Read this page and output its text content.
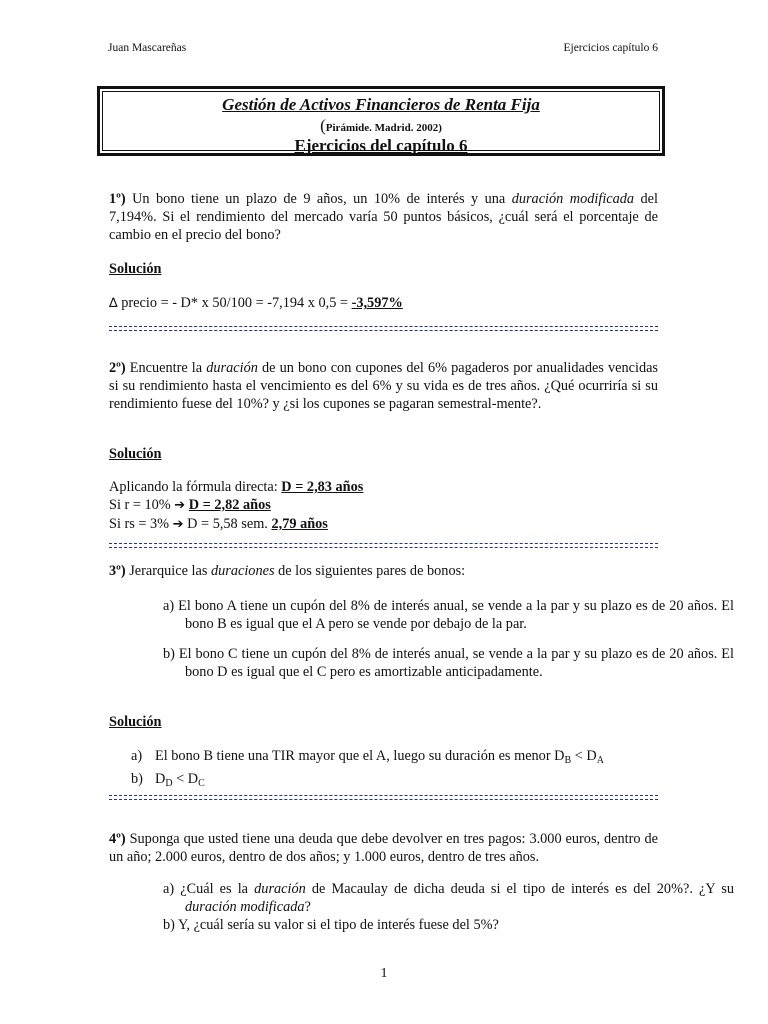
Juan Mascareñas	Ejercicios capítulo 6
Gestión de Activos Financieros de Renta Fija
(Pirámide. Madrid. 2002)
Ejercicios del capítulo 6
1º) Un bono tiene un plazo de 9 años, un 10% de interés y una duración modificada del 7,194%. Si el rendimiento del mercado varía 50 puntos básicos, ¿cuál será el porcentaje de cambio en el precio del bono?
Solución
∆ precio = - D* x 50/100 = -7,194 x 0,5 = -3,597%
2º) Encuentre la duración de un bono con cupones del 6% pagaderos por anualidades vencidas si su rendimiento hasta el vencimiento es del 6% y su vida es de tres años. ¿Qué ocurriría si su rendimiento fuese del 10%? y ¿si los cupones se pagaran semestral-mente?.
Solución
Aplicando la fórmula directa: D = 2,83 años
Si r = 10% ➔ D = 2,82 años
Si rs = 3% ➔ D = 5,58 sem. 2,79 años
3º) Jerarquice las duraciones de los siguientes pares de bonos:
a) El bono A tiene un cupón del 8% de interés anual, se vende a la par y su plazo es de 20 años. El bono B es igual que el A pero se vende por debajo de la par.
b) El bono C tiene un cupón del 8% de interés anual, se vende a la par y su plazo es de 20 años. El bono D es igual que el C pero es amortizable anticipadamente.
Solución
a) El bono B tiene una TIR mayor que el A, luego su duración es menor $D_B < D_A$
b) $D_D < D_C$
4º) Suponga que usted tiene una deuda que debe devolver en tres pagos: 3.000 euros, dentro de un año; 2.000 euros, dentro de dos años; y 1.000 euros, dentro de tres años.
a) ¿Cuál es la duración de Macaulay de dicha deuda si el tipo de interés es del 20%?. ¿Y su duración modificada?
b) Y, ¿cuál sería su valor si el tipo de interés fuese del 5%?
1
